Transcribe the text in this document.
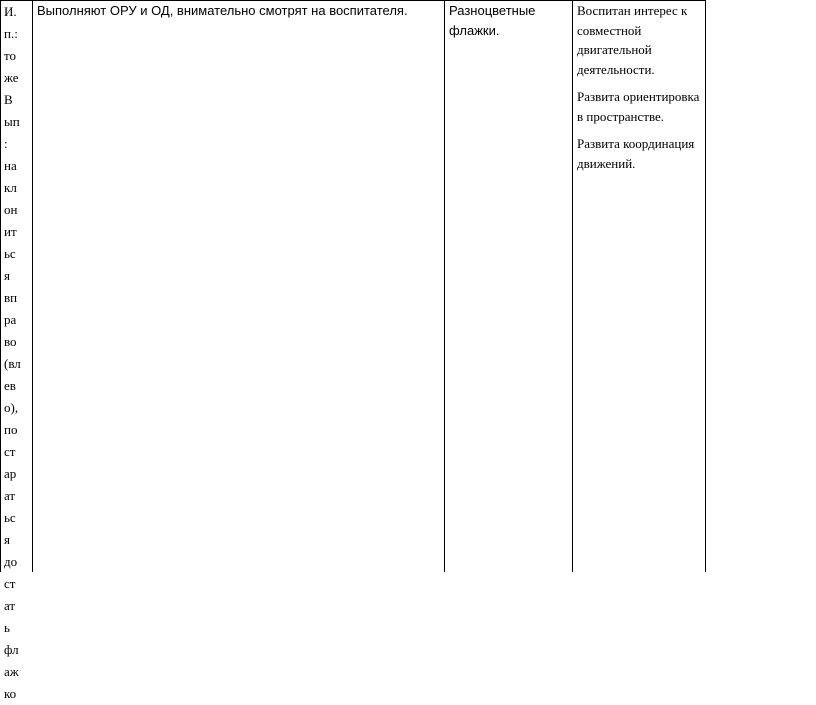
И.
п.:
то
же
В
ып
:
на
кл
он
ит
ьс
я
вп
ра
во
(вл
ев
о),
по
ст
ар
ат
ьс
я
до
ст
ат
ь
фл
аж
ко
Выполняют ОРУ и ОД, внимательно смотрят на воспитателя.	Разноцветные флажки.

Воспитан интерес к совместной двигательной деятельности.

Развита ориентировка в пространстве.

Развита координация движений.
